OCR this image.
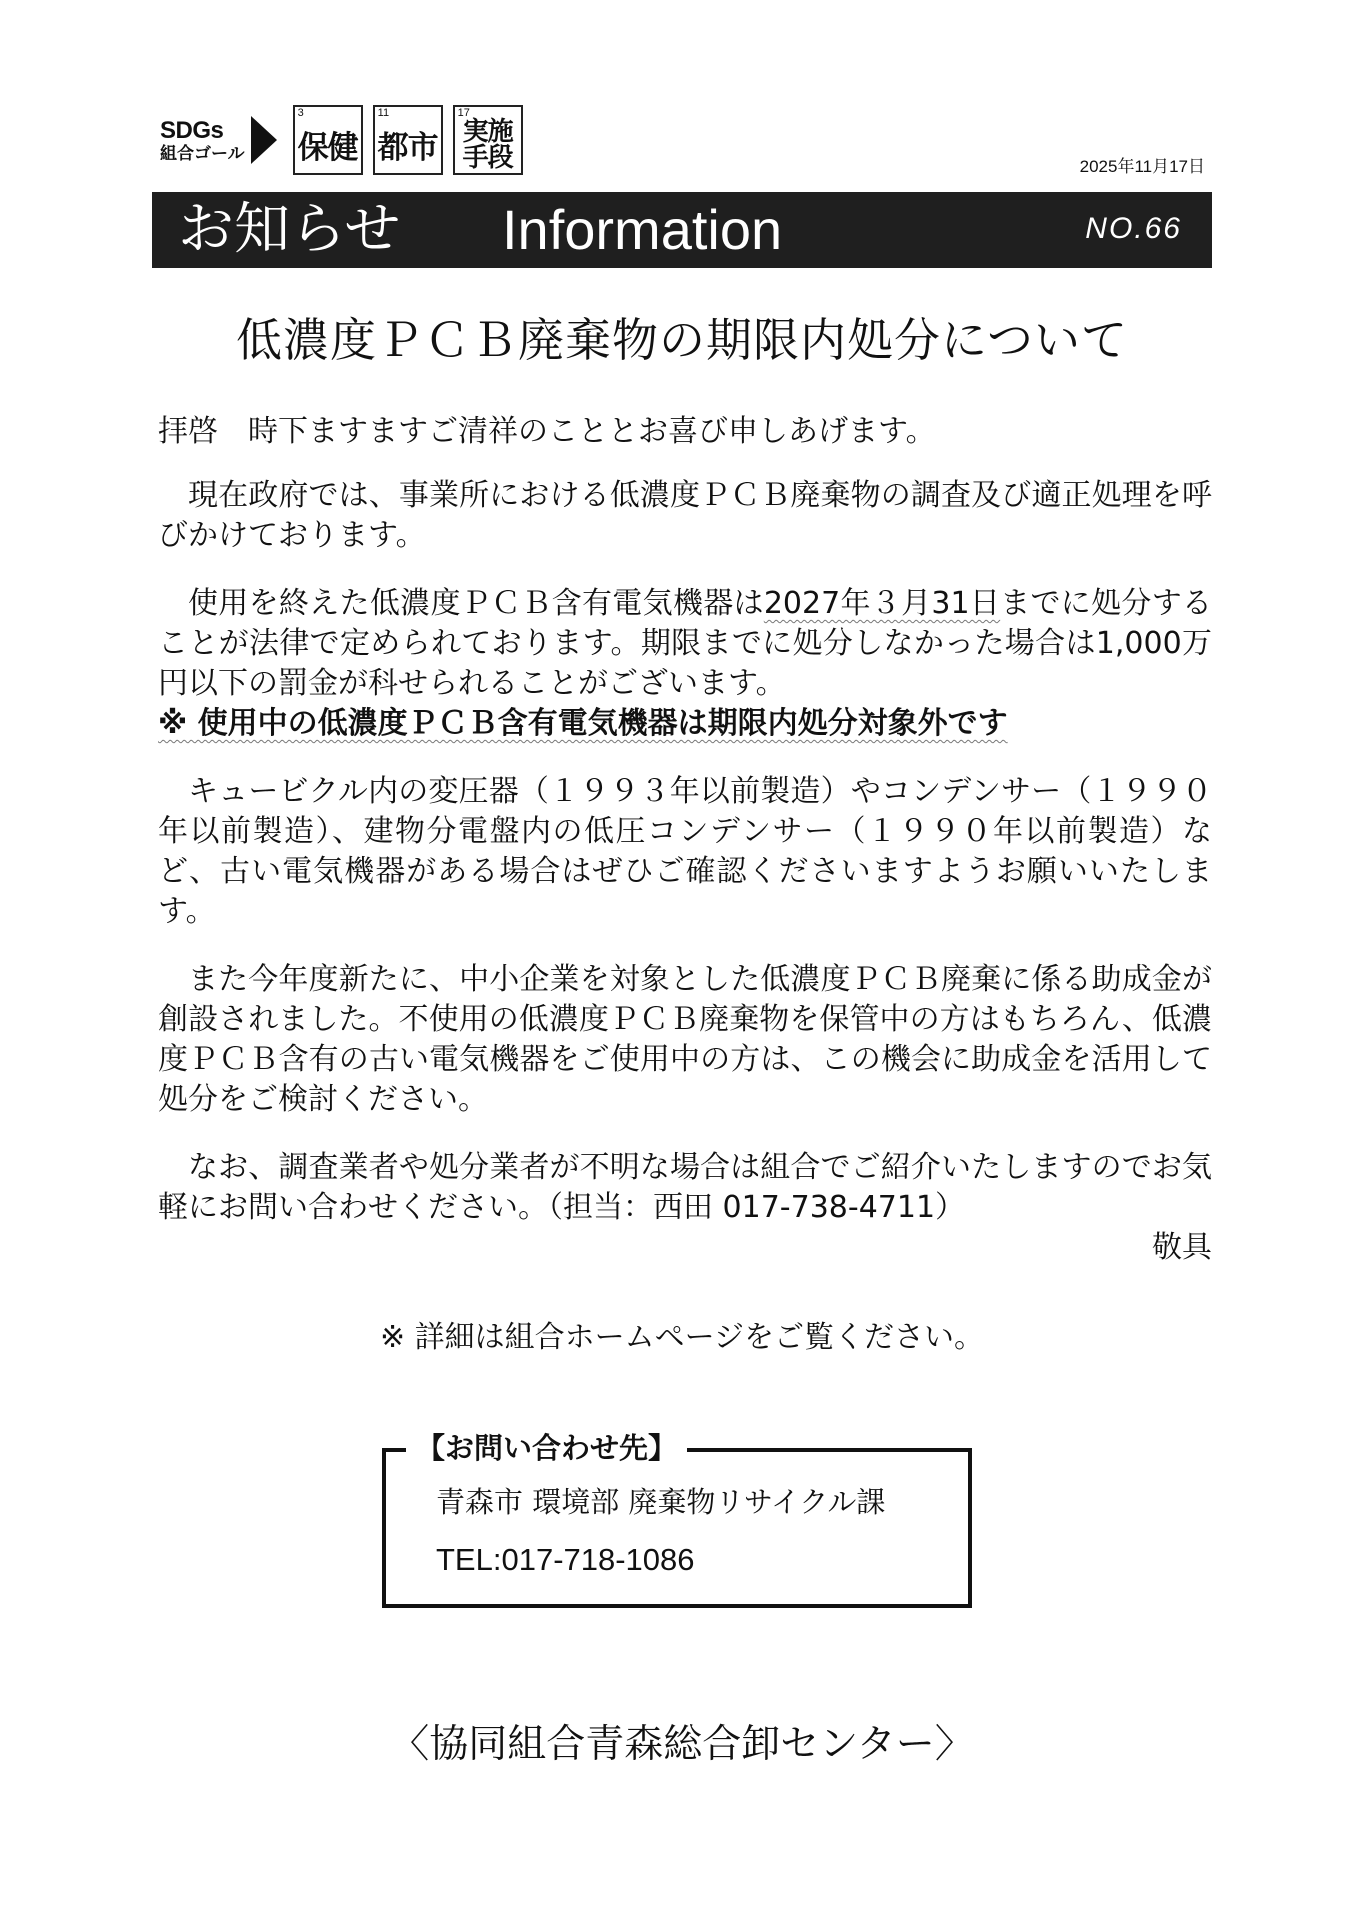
SDGs
組合ゴール
3
保健
11
都市
17
実施手段	2025年11月17日
お知らせ Information	NO.66
低濃度ＰＣＢ廃棄物の期限内処分について

拝啓　時下ますますご清祥のこととお喜び申しあげます。

現在政府では、事業所における低濃度ＰＣＢ廃棄物の調査及び適正処理を呼びかけております。

使用を終えた低濃度ＰＣＢ含有電気機器は2027年３月31日までに処分することが法律で定められております。期限までに処分しなかった場合は1,000万円以下の罰金が科せられることがございます。
※ 使用中の低濃度ＰＣＢ含有電気機器は期限内処分対象外です

キュービクル内の変圧器（１９９３年以前製造）やコンデンサー（１９９０年以前製造）、建物分電盤内の低圧コンデンサー（１９９０年以前製造）など、古い電気機器がある場合はぜひご確認くださいますようお願いいたします。

また今年度新たに、中小企業を対象とした低濃度ＰＣＢ廃棄に係る助成金が創設されました。不使用の低濃度ＰＣＢ廃棄物を保管中の方はもちろん、低濃度ＰＣＢ含有の古い電気機器をご使用中の方は、この機会に助成金を活用して処分をご検討ください。

なお、調査業者や処分業者が不明な場合は組合でご紹介いたしますのでお気軽にお問い合わせください。（担当：西田 017-738-4711）

敬具
※ 詳細は組合ホームページをご覧ください。
【お問い合わせ先】
青森市 環境部 廃棄物リサイクル課
TEL:017-718-1086
〈協同組合青森総合卸センター〉
